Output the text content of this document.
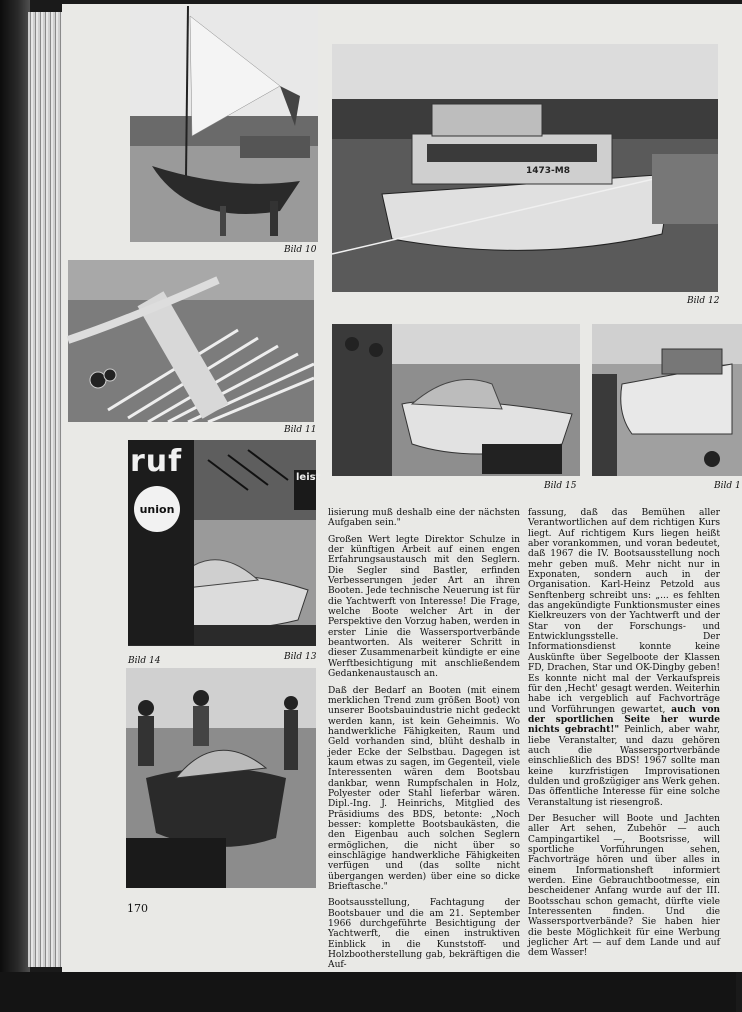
Bild 10
1473-M8
Bild 12
Bild 11
Bild 15	Bild 1
ruf
union
leist
Bild 14	Bild 13

lisierung muß deshalb eine der nächsten Aufgaben sein."

Großen Wert legte Direktor Schulze in der künftigen Arbeit auf einen engen Erfahrungsaustausch mit den Seglern. Die Segler sind Bastler, erfinden Verbesserungen jeder Art an ihren Booten. Jede technische Neuerung ist für die Yachtwerft von Interesse! Die Frage, welche Boote welcher Art in der Perspektive den Vorzug haben, werden in erster Linie die Wassersportverbände beantworten. Als weiterer Schritt in dieser Zusammenarbeit kündigte er eine Werftbesichtigung mit anschließendem Gedankenaustausch an.

Daß der Bedarf an Booten (mit einem merklichen Trend zum größen Boot) von unserer Bootsbauindustrie nicht gedeckt werden kann, ist kein Geheimnis. Wo handwerkliche Fähigkeiten, Raum und Geld vorhanden sind, blüht deshalb in jeder Ecke der Selbstbau. Dagegen ist kaum etwas zu sagen, im Gegenteil, viele Interessenten wären dem Bootsbau dankbar, wenn Rumpfschalen in Holz, Polyester oder Stahl lieferbar wären. Dipl.-Ing. J. Heinrichs, Mitglied des Präsidiums des BDS, betonte: „Noch besser: komplette Bootsbaukästen, die den Eigenbau auch solchen Seglern ermöglichen, die nicht über so einschlägige handwerkliche Fähigkeiten verfügen und (das sollte nicht übergangen werden) über eine so dicke Brieftasche."

Bootsausstellung, Fachtagung der Bootsbauer und die am 21. September 1966 durchgeführte Besichtigung der Yachtwerft, die einen instruktiven Einblick in die Kunststoff- und Holzbootherstellung gab, bekräftigen die Auf-

fassung, daß das Bemühen aller Verantwortlichen auf dem richtigen Kurs liegt. Auf richtigem Kurs liegen heißt aber vorankommen, und voran bedeutet, daß 1967 die IV. Bootsausstellung noch mehr geben muß. Mehr nicht nur in Exponaten, sondern auch in der Organisation. Karl-Heinz Petzold aus Senftenberg schreibt uns: „... es fehlten das angekündigte Funktionsmuster eines Kielkreuzers von der Yachtwerft und der Star von der Forschungs- und Entwicklungsstelle. Der Informationsdienst konnte keine Auskünfte über Segelboote der Klassen FD, Drachen, Star und OK-Dingby geben! Es konnte nicht mal der Verkaufspreis für den ‚Hecht' gesagt werden. Weiterhin habe ich vergeblich auf Fachvorträge und Vorführungen gewartet, auch von der sportlichen Seite her wurde nichts gebracht!" Peinlich, aber wahr, liebe Veranstalter, und dazu gehören auch die Wassersportverbände einschließlich des BDS! 1967 sollte man keine kurzfristigen Improvisationen dulden und großzügiger ans Werk gehen. Das öffentliche Interesse für eine solche Veranstaltung ist riesengroß.

Der Besucher will Boote und Jachten aller Art sehen, Zubehör — auch Campingartikel —, Bootsrisse, will sportliche Vorführungen sehen, Fachvorträge hören und über alles in einem Informationsheft informiert werden. Eine Gebrauchtbootmesse, ein bescheidener Anfang wurde auf der III. Bootsschau schon gemacht, dürfte viele Interessenten finden. Und die Wassersportverbände? Sie haben hier die beste Möglichkeit für eine Werbung jeglicher Art — auf dem Lande und auf dem Wasser!

170
